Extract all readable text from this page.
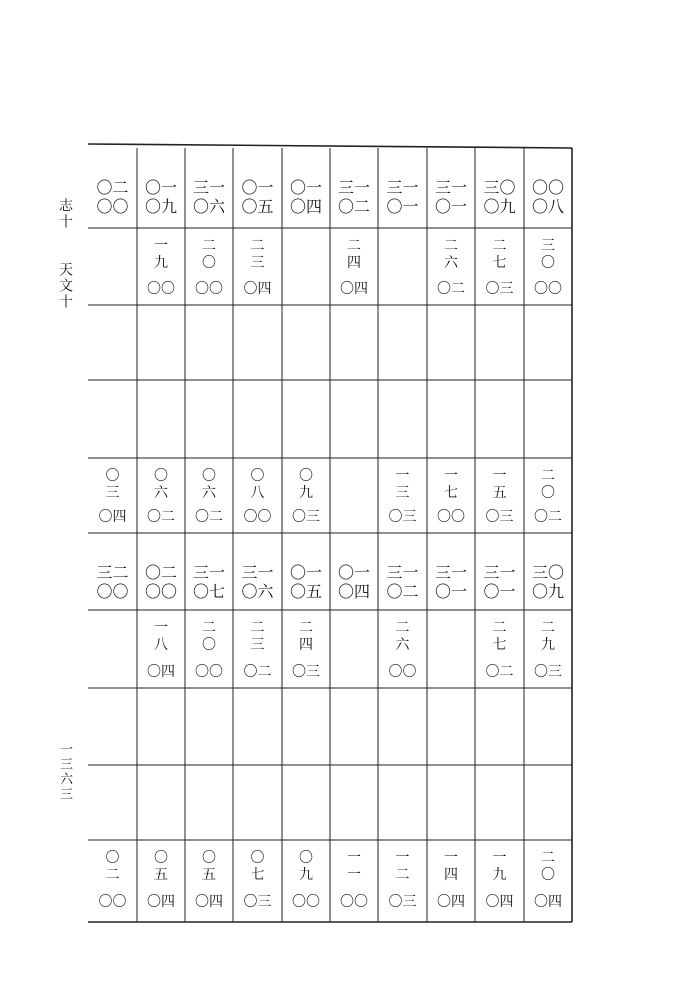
志十
天文十
一三六三
〇二
〇〇
〇一
〇九
三一
〇六
〇一
〇五
〇一
〇四
三一
〇二
三一
〇一
三一
〇一
三〇
〇九
〇〇
〇八
一
九
〇〇
二
〇
〇〇
二
三
〇四
二
四
〇四
二
六
〇二
二
七
〇三
三
〇
〇〇
〇
三
〇四
〇
六
〇二
〇
六
〇二
〇
八
〇〇
〇
九
〇三
一
三
〇三
一
七
〇〇
一
五
〇三
二
〇
〇二
三二
〇〇
〇二
〇〇
三一
〇七
三一
〇六
〇一
〇五
〇一
〇四
三一
〇二
三一
〇一
三一
〇一
三〇
〇九
一
八
〇四
二
〇
〇〇
二
三
〇二
二
四
〇三
二
六
〇〇
二
七
〇二
二
九
〇三
〇
二
〇〇
〇
五
〇四
〇
五
〇四
〇
七
〇三
〇
九
〇〇
一
一
〇〇
一
二
〇三
一
四
〇四
一
九
〇四
二
〇
〇四
